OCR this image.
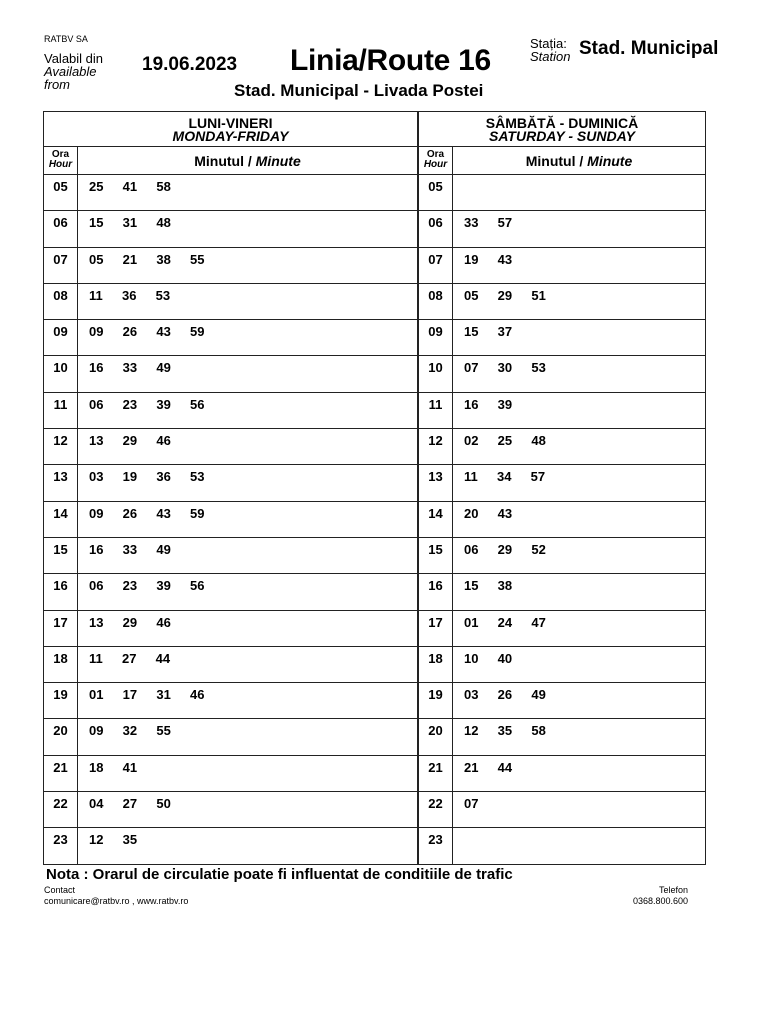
RATBV SA
Valabil din
Available
from
19.06.2023 Linia/Route 16
Stația:
Station Stad. Municipal
Stad. Municipal - Livada Postei
LUNI-VINERI
MONDAY-FRIDAY
Ora
Hour	Minutul / Minute
05	25  41  58
06	15  31  48
07	05  21  38  55
08	11  36  53
09	09  26  43  59
10	16  33  49
11	06  23  39  56
12	13  29  46
13	03  19  36  53
14	09  26  43  59
15	16  33  49
16	06  23  39  56
17	13  29  46
18	11  27  44
19	01  17  31  46
20	09  32  55
21	18  41
22	04  27  50
23	12  35
SÂMBĂTĂ - DUMINICĂ
SATURDAY - SUNDAY
Ora
Hour	Minutul / Minute
05
06	33  57
07	19  43
08	05  29  51
09	15  37
10	07  30  53
11	16  39
12	02  25  48
13	11  34  57
14	20  43
15	06  29  52
16	15  38
17	01  24  47
18	10  40
19	03  26  49
20	12  35  58
21	21  44
22	07
23
Nota : Orarul de circulatie poate fi influentat de conditiile de trafic
Contact
comunicare@ratbv.ro , www.ratbv.ro
Telefon
0368.800.600
